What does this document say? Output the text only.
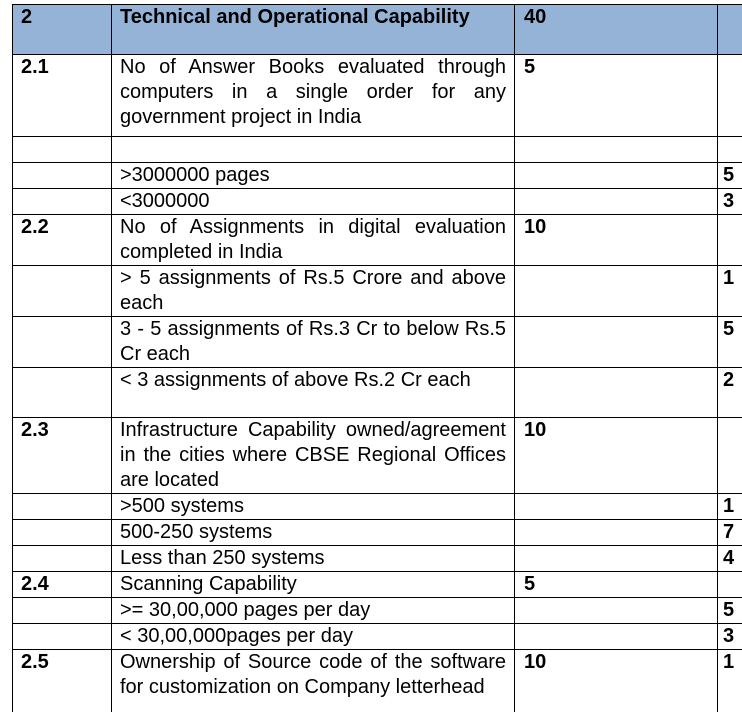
2	Technical and Operational Capability	40	
2.1	No of Answer Books evaluated through computers in a single order for any government project in India	5	

	>3000000 pages		5
	<3000000		3
2.2	No of Assignments in digital evaluation completed in India	10	
	> 5 assignments of Rs.5 Crore and above each		1
	3 - 5 assignments of Rs.3 Cr to below Rs.5 Cr each		5
	< 3 assignments of above Rs.2 Cr each		2
2.3	Infrastructure Capability owned/agreement in the cities where CBSE Regional Offices are located	10	
	>500 systems		1
	500-250 systems		7
	Less than 250 systems		4
2.4	Scanning Capability	5	
	>= 30,00,000 pages per day		5
	< 30,00,000pages per day		3
2.5	Ownership of Source code of the software for customization on Company letterhead	10	1
